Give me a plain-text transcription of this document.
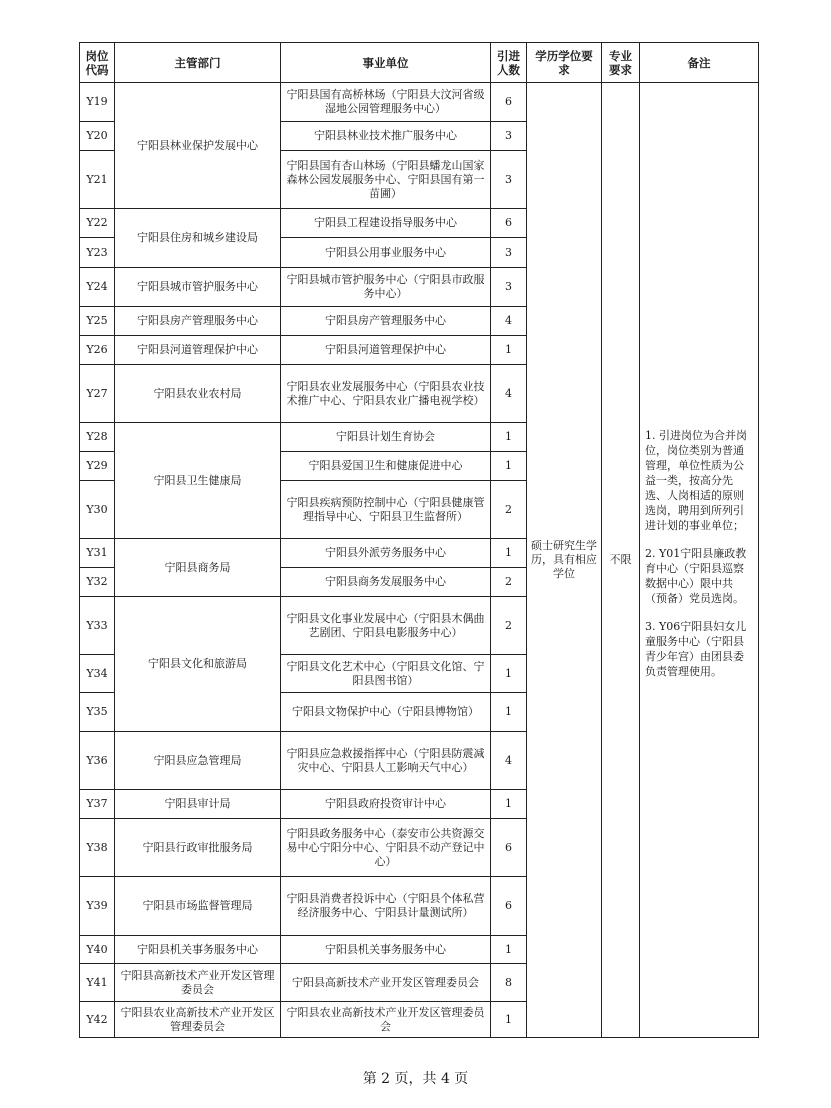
岗位代码	主管部门	事业单位	引进人数	学历学位要求	专业要求	备注
Y19	宁阳县林业保护发展中心	宁阳县国有高桥林场（宁阳县大汶河省级湿地公园管理服务中心）	6	硕士研究生学历，具有相应学位	不限	1. 引进岗位为合并岗位，岗位类别为普通管理，单位性质为公益一类，按高分先选、人岗相适的原则选岗，聘用到所列引进计划的事业单位；
2. Y01宁阳县廉政教育中心（宁阳县巡察数据中心）限中共（预备）党员选岗。
3. Y06宁阳县妇女儿童服务中心（宁阳县青少年宫）由团县委负责管理使用。

Y20		宁阳县林业技术推广服务中心	3			
Y21		宁阳县国有杏山林场（宁阳县蟠龙山国家森林公园发展服务中心、宁阳县国有第一苗圃）	3			
Y22	宁阳县住房和城乡建设局	宁阳县工程建设指导服务中心	6			
Y23		宁阳县公用事业服务中心	3			
Y24	宁阳县城市管护服务中心	宁阳县城市管护服务中心（宁阳县市政服务中心）	3			
Y25	宁阳县房产管理服务中心	宁阳县房产管理服务中心	4			
Y26	宁阳县河道管理保护中心	宁阳县河道管理保护中心	1			
Y27	宁阳县农业农村局	宁阳县农业发展服务中心（宁阳县农业技术推广中心、宁阳县农业广播电视学校）	4			
Y28	宁阳县卫生健康局	宁阳县计划生育协会	1			
Y29		宁阳县爱国卫生和健康促进中心	1			
Y30		宁阳县疾病预防控制中心（宁阳县健康管理指导中心、宁阳县卫生监督所）	2			
Y31	宁阳县商务局	宁阳县外派劳务服务中心	1			
Y32		宁阳县商务发展服务中心	2			
Y33	宁阳县文化和旅游局	宁阳县文化事业发展中心（宁阳县木偶曲艺剧团、宁阳县电影服务中心）	2			
Y34		宁阳县文化艺术中心（宁阳县文化馆、宁阳县图书馆）	1			
Y35		宁阳县文物保护中心（宁阳县博物馆）	1			
Y36	宁阳县应急管理局	宁阳县应急救援指挥中心（宁阳县防震减灾中心、宁阳县人工影响天气中心）	4			
Y37	宁阳县审计局	宁阳县政府投资审计中心	1			
Y38	宁阳县行政审批服务局	宁阳县政务服务中心（泰安市公共资源交易中心宁阳分中心、宁阳县不动产登记中心）	6			
Y39	宁阳县市场监督管理局	宁阳县消费者投诉中心（宁阳县个体私营经济服务中心、宁阳县计量测试所）	6			
Y40	宁阳县机关事务服务中心	宁阳县机关事务服务中心	1			
Y41	宁阳县高新技术产业开发区管理委员会	宁阳县高新技术产业开发区管理委员会	8			
Y42	宁阳县农业高新技术产业开发区管理委员会	宁阳县农业高新技术产业开发区管理委员会	1			
第 2 页，共 4 页
